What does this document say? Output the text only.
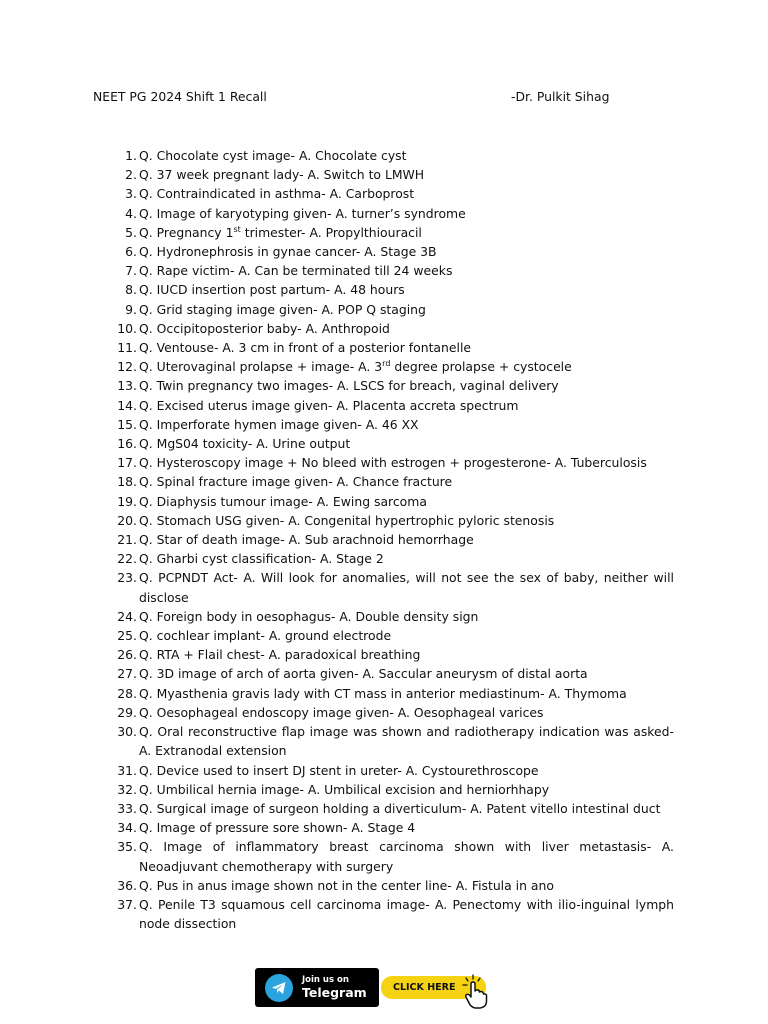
NEET PG 2024 Shift 1 Recall	-Dr. Pulkit Sihag
1. Q. Chocolate cyst image- A. Chocolate cyst
2. Q. 37 week pregnant lady- A. Switch to LMWH
3. Q. Contraindicated in asthma- A. Carboprost
4. Q. Image of karyotyping given- A. turner’s syndrome
5. Q. Pregnancy 1st trimester- A. Propylthiouracil
6. Q. Hydronephrosis in gynae cancer- A. Stage 3B
7. Q. Rape victim- A. Can be terminated till 24 weeks
8. Q. IUCD insertion post partum- A. 48 hours
9. Q. Grid staging image given- A. POP Q staging
10. Q. Occipitoposterior baby- A. Anthropoid
11. Q. Ventouse- A. 3 cm in front of a posterior fontanelle
12. Q. Uterovaginal prolapse + image- A. 3rd degree prolapse + cystocele
13. Q. Twin pregnancy two images- A. LSCS for breach, vaginal delivery
14. Q. Excised uterus image given- A. Placenta accreta spectrum
15. Q. Imperforate hymen image given- A. 46 XX
16. Q. MgS04 toxicity- A. Urine output
17. Q. Hysteroscopy image + No bleed with estrogen + progesterone- A. Tuberculosis
18. Q. Spinal fracture image given- A. Chance fracture
19. Q. Diaphysis tumour image- A. Ewing sarcoma
20. Q. Stomach USG given- A. Congenital hypertrophic pyloric stenosis
21. Q. Star of death image- A. Sub arachnoid hemorrhage
22. Q. Gharbi cyst classification- A. Stage 2
23. Q. PCPNDT Act- A. Will look for anomalies, will not see the sex of baby, neither will disclose
24. Q. Foreign body in oesophagus- A. Double density sign
25. Q. cochlear implant- A. ground electrode
26. Q. RTA + Flail chest- A. paradoxical breathing
27. Q. 3D image of arch of aorta given- A. Saccular aneurysm of distal aorta
28. Q. Myasthenia gravis lady with CT mass in anterior mediastinum- A. Thymoma
29. Q. Oesophageal endoscopy image given- A. Oesophageal varices
30. Q. Oral reconstructive flap image was shown and radiotherapy indication was asked- A. Extranodal extension
31. Q. Device used to insert DJ stent in ureter- A. Cystourethroscope
32. Q. Umbilical hernia image- A. Umbilical excision and herniorhhapy
33. Q. Surgical image of surgeon holding a diverticulum- A. Patent vitello intestinal duct
34. Q. Image of pressure sore shown- A. Stage 4
35. Q. Image of inflammatory breast carcinoma shown with liver metastasis- A. Neoadjuvant chemotherapy with surgery
36. Q. Pus in anus image shown not in the center line- A. Fistula in ano
37. Q. Penile T3 squamous cell carcinoma image- A. Penectomy with ilio-inguinal lymph node dissection
Join us on
Telegram	CLICK HERE
